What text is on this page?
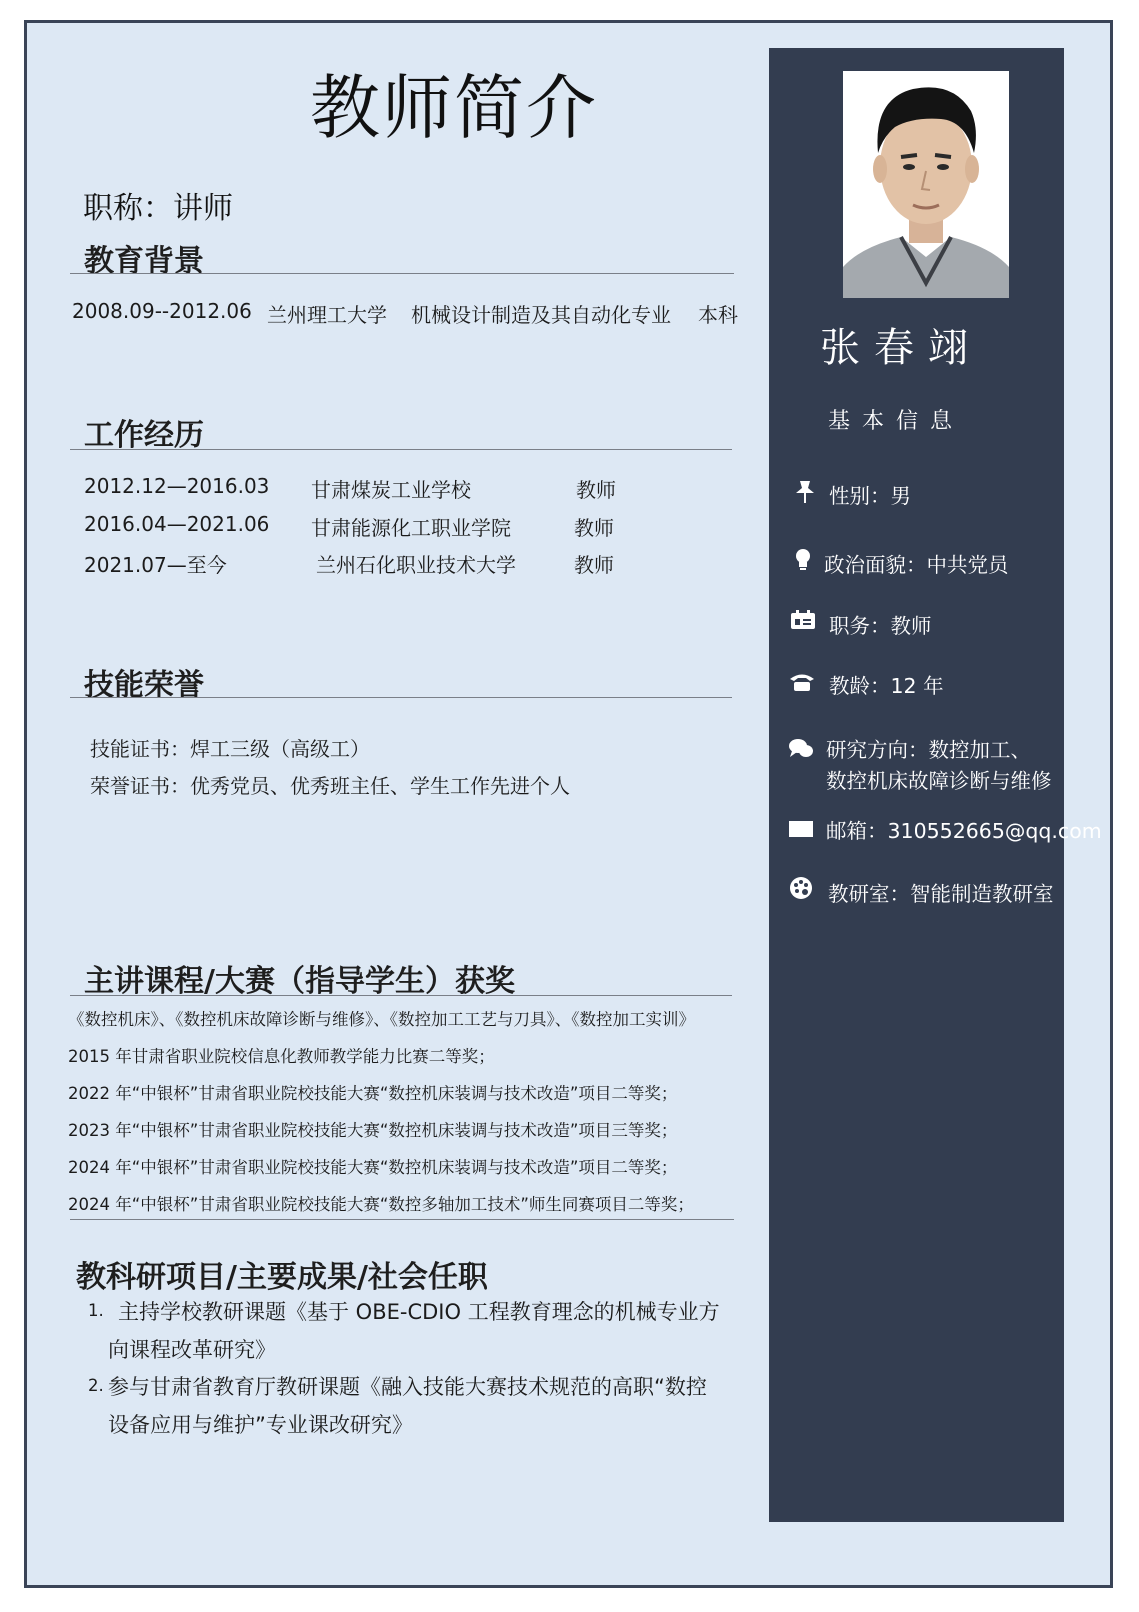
教师简介
职称：讲师
教育背景
2008.09--2012.06 兰州理工大学 机械设计制造及其自动化专业 本科
工作经历
2012.12—2016.03 甘肃煤炭工业学校	教师
2016.04—2021.06 甘肃能源化工职业学院	教师
2021.07—至今	兰州石化职业技术大学	教师
技能荣誉
技能证书：焊工三级（高级工）
荣誉证书：优秀党员、优秀班主任、学生工作先进个人
主讲课程/大赛（指导学生）获奖
《数控机床》、《数控机床故障诊断与维修》、《数控加工工艺与刀具》、《数控加工实训》
2015 年甘肃省职业院校信息化教师教学能力比赛二等奖；
2022 年“中银杯”甘肃省职业院校技能大赛“数控机床装调与技术改造”项目二等奖；
2023 年“中银杯”甘肃省职业院校技能大赛“数控机床装调与技术改造”项目三等奖；
2024 年“中银杯”甘肃省职业院校技能大赛“数控机床装调与技术改造”项目二等奖；
2024 年“中银杯”甘肃省职业院校技能大赛“数控多轴加工技术”师生同赛项目二等奖；
教科研项目/主要成果/社会任职
1. 主持学校教研课题《基于 OBE-CDIO 工程教育理念的机械专业方
向课程改革研究》
2. 参与甘肃省教育厅教研课题《融入技能大赛技术规范的高职“数控
设备应用与维护”专业课改研究》
张春翊
基本信息
性别：男
政治面貌：中共党员
职务：教师
教龄：12 年
研究方向：数控加工、
数控机床故障诊断与维修
邮箱：310552665@qq.com
教研室：智能制造教研室
